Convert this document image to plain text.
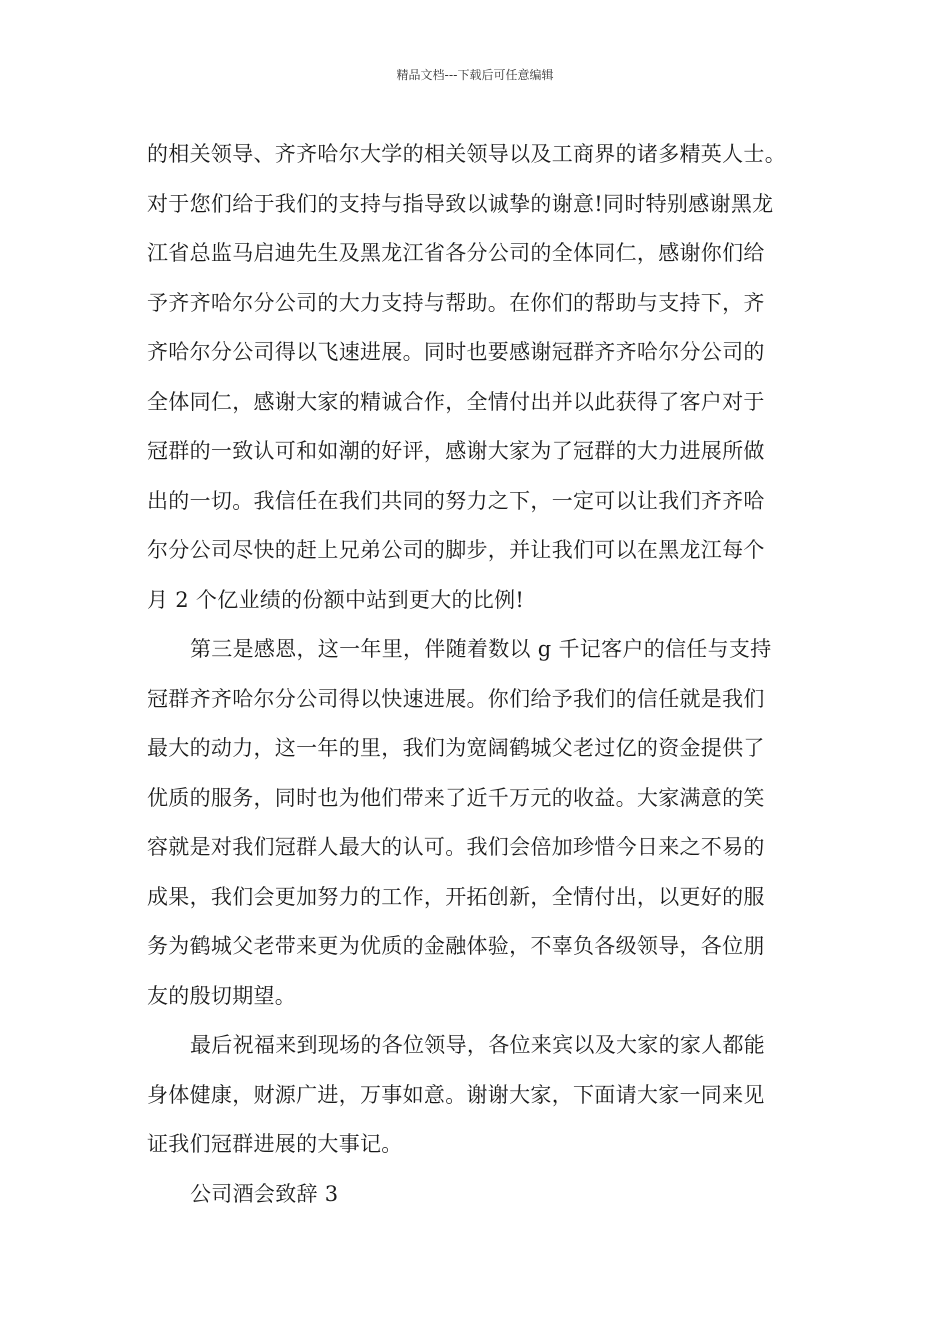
精品文档---下载后可任意编辑
的相关领导、齐齐哈尔大学的相关领导以及工商界的诸多精英人士。
对于您们给于我们的支持与指导致以诚挚的谢意!同时特别感谢黑龙
江省总监马启迪先生及黑龙江省各分公司的全体同仁，感谢你们给
予齐齐哈尔分公司的大力支持与帮助。在你们的帮助与支持下，齐
齐哈尔分公司得以飞速进展。同时也要感谢冠群齐齐哈尔分公司的
全体同仁，感谢大家的精诚合作，全情付出并以此获得了客户对于
冠群的一致认可和如潮的好评，感谢大家为了冠群的大力进展所做
出的一切。我信任在我们共同的努力之下，一定可以让我们齐齐哈
尔分公司尽快的赶上兄弟公司的脚步，并让我们可以在黑龙江每个
月 2 个亿业绩的份额中站到更大的比例!
第三是感恩，这一年里，伴随着数以 g 千记客户的信任与支持
冠群齐齐哈尔分公司得以快速进展。你们给予我们的信任就是我们
最大的动力，这一年的里，我们为宽阔鹤城父老过亿的资金提供了
优质的服务，同时也为他们带来了近千万元的收益。大家满意的笑
容就是对我们冠群人最大的认可。我们会倍加珍惜今日来之不易的
成果，我们会更加努力的工作，开拓创新，全情付出，以更好的服
务为鹤城父老带来更为优质的金融体验，不辜负各级领导，各位朋
友的殷切期望。
最后祝福来到现场的各位领导，各位来宾以及大家的家人都能
身体健康，财源广进，万事如意。谢谢大家，下面请大家一同来见
证我们冠群进展的大事记。
公司酒会致辞 3
